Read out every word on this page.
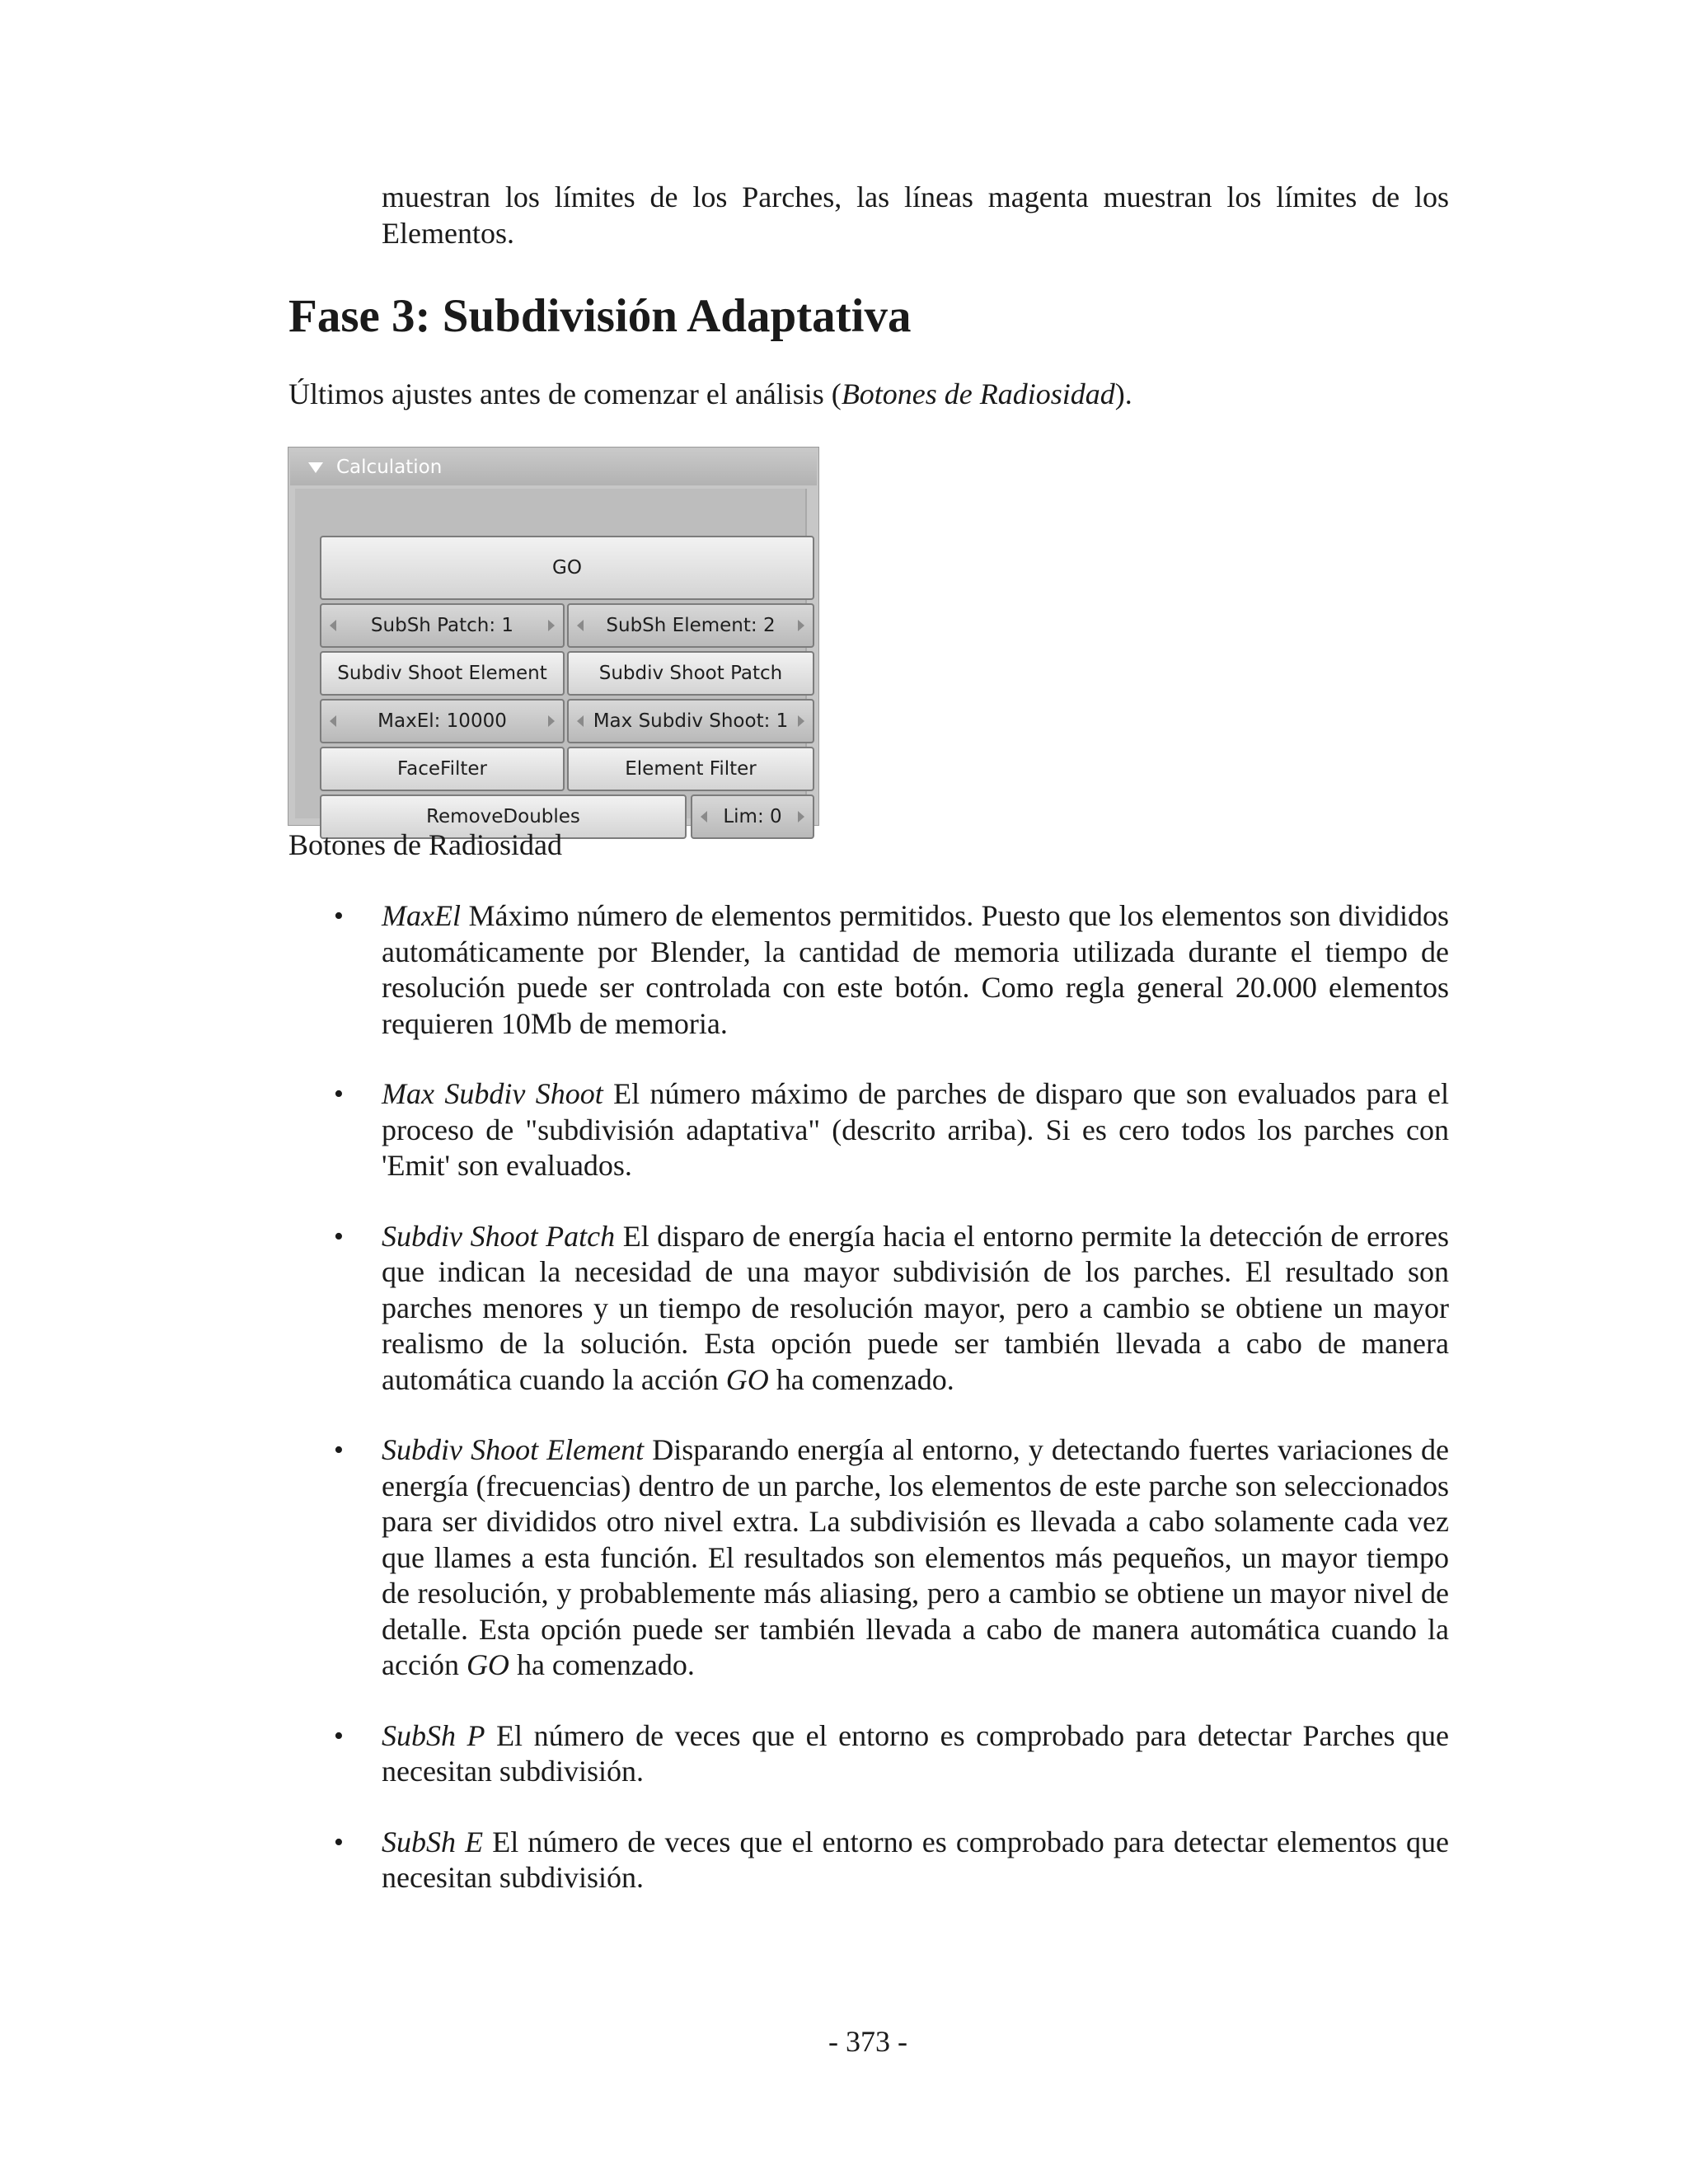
muestran los límites de los Parches, las líneas magenta muestran los límites de los Elementos.
Fase 3: Subdivisión Adaptativa
Últimos ajustes antes de comenzar el análisis (Botones de Radiosidad).
Calculation
GO
SubSh Patch: 1	SubSh Element: 2
Subdiv Shoot Element	Subdiv Shoot Patch
MaxEl: 10000	Max Subdiv Shoot: 1
FaceFilter	Element Filter
RemoveDoubles	Lim: 0
Botones de Radiosidad
• MaxEl Máximo número de elementos permitidos. Puesto que los elementos son divididos automáticamente por Blender, la cantidad de memoria utilizada durante el tiempo de resolución puede ser controlada con este botón. Como regla general 20.000 elementos requieren 10Mb de memoria.
• Max Subdiv Shoot El número máximo de parches de disparo que son evaluados para el proceso de "subdivisión adaptativa" (descrito arriba). Si es cero todos los parches con 'Emit' son evaluados.
• Subdiv Shoot Patch El disparo de energía hacia el entorno permite la detección de errores que indican la necesidad de una mayor subdivisión de los parches. El resultado son parches menores y un tiempo de resolución mayor, pero a cambio se obtiene un mayor realismo de la solución. Esta opción puede ser también llevada a cabo de manera automática cuando la acción GO ha comenzado.
• Subdiv Shoot Element Disparando energía al entorno, y detectando fuertes variaciones de energía (frecuencias) dentro de un parche, los elementos de este parche son seleccionados para ser divididos otro nivel extra. La subdivisión es llevada a cabo solamente cada vez que llames a esta función. El resultados son elementos más pequeños, un mayor tiempo de resolución, y probablemente más aliasing, pero a cambio se obtiene un mayor nivel de detalle. Esta opción puede ser también llevada a cabo de manera automática cuando la acción GO ha comenzado.
• SubSh P El número de veces que el entorno es comprobado para detectar Parches que necesitan subdivisión.
• SubSh E El número de veces que el entorno es comprobado para detectar elementos que necesitan subdivisión.
- 373 -
